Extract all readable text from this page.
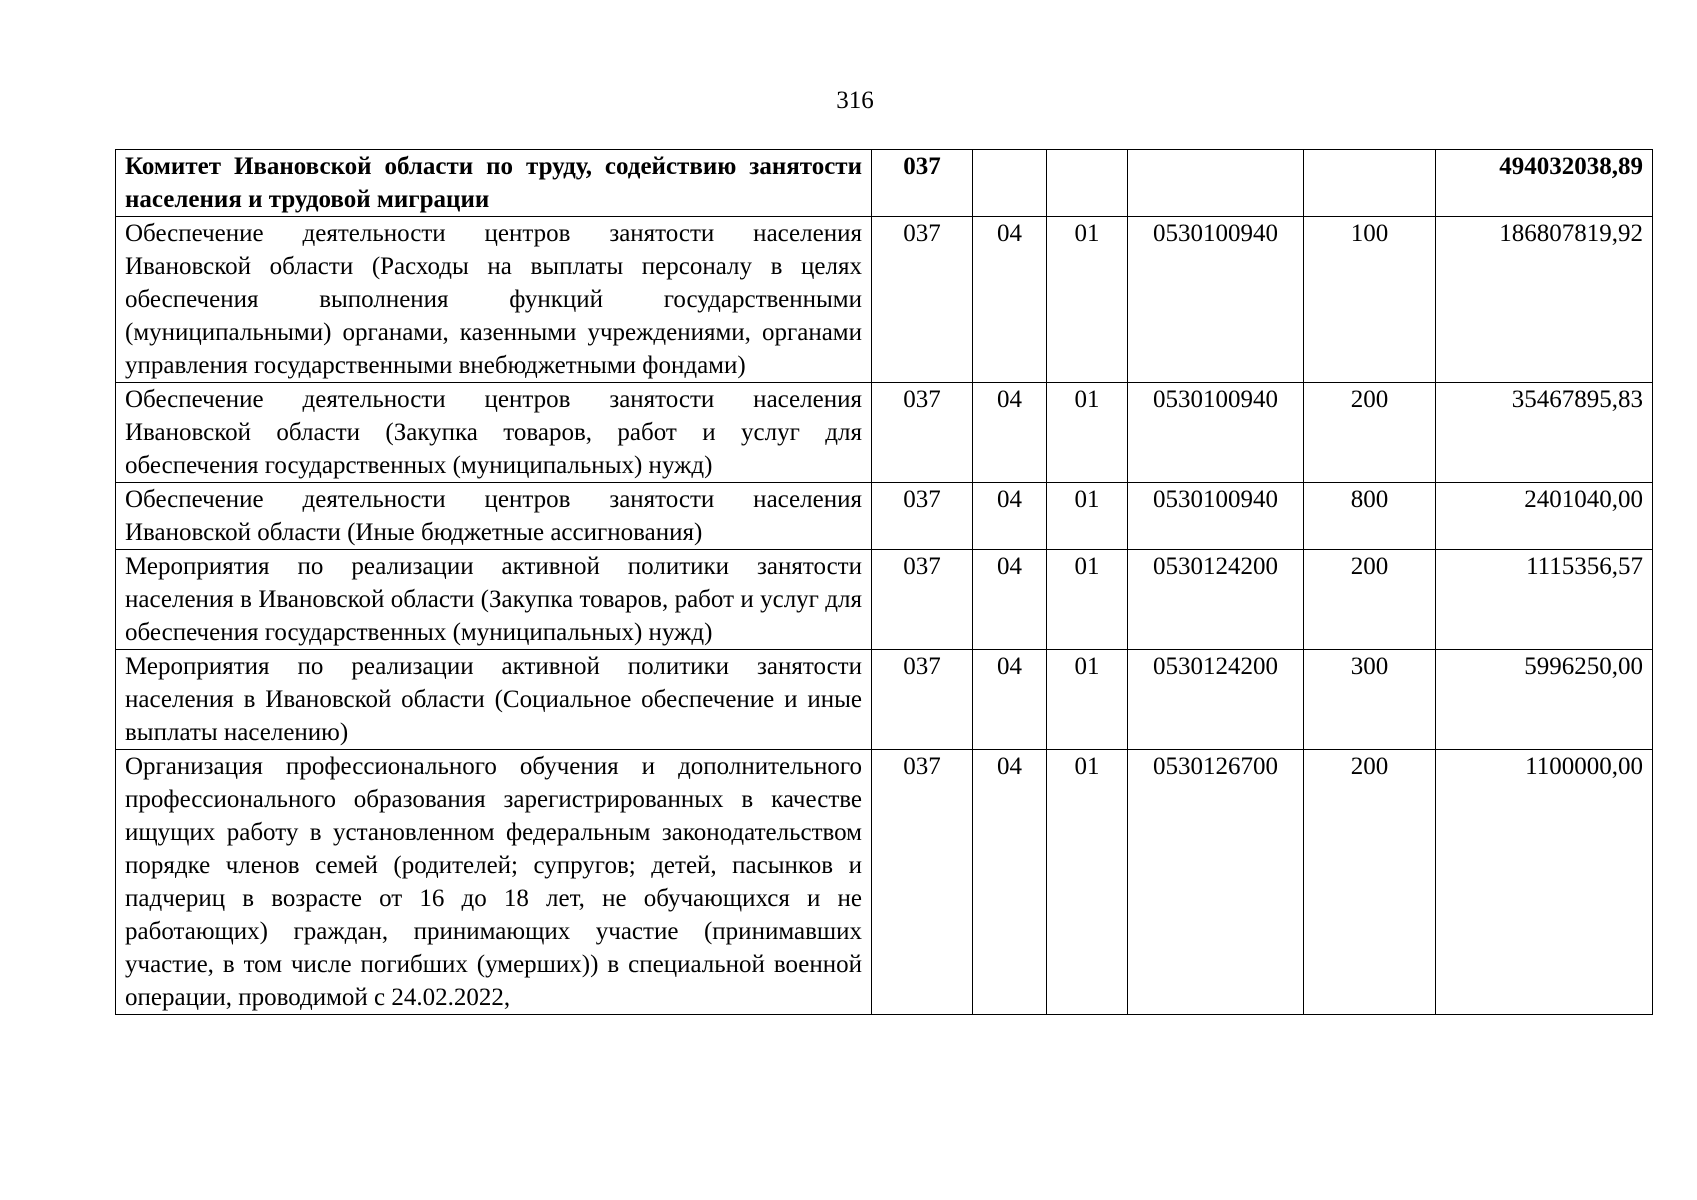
316
Комитет Ивановской области по труду, содействию занятости населения и трудовой миграции	037					494032038,89
Обеспечение деятельности центров занятости населения Ивановской области (Расходы на выплаты персоналу в целях обеспечения выполнения функций государственными (муниципальными) органами, казенными учреждениями, органами управления государственными внебюджетными фондами)	037	04	01	0530100940	100	186807819,92
Обеспечение деятельности центров занятости населения Ивановской области (Закупка товаров, работ и услуг для обеспечения государственных (муниципальных) нужд)	037	04	01	0530100940	200	35467895,83
Обеспечение деятельности центров занятости населения Ивановской области (Иные бюджетные ассигнования)	037	04	01	0530100940	800	2401040,00
Мероприятия по реализации активной политики занятости населения в Ивановской области (Закупка товаров, работ и услуг для обеспечения государственных (муниципальных) нужд)	037	04	01	0530124200	200	1115356,57
Мероприятия по реализации активной политики занятости населения в Ивановской области (Социальное обеспечение и иные выплаты населению)	037	04	01	0530124200	300	5996250,00
Организация профессионального обучения и дополнительного профессионального образования зарегистрированных в качестве ищущих работу в установленном федеральным законодательством порядке членов семей (родителей; супругов; детей, пасынков и падчериц в возрасте от 16 до 18 лет, не обучающихся и не работающих) граждан, принимающих участие (принимавших участие, в том числе погибших (умерших)) в специальной военной операции, проводимой с 24.02.2022,	037	04	01	0530126700	200	1100000,00
